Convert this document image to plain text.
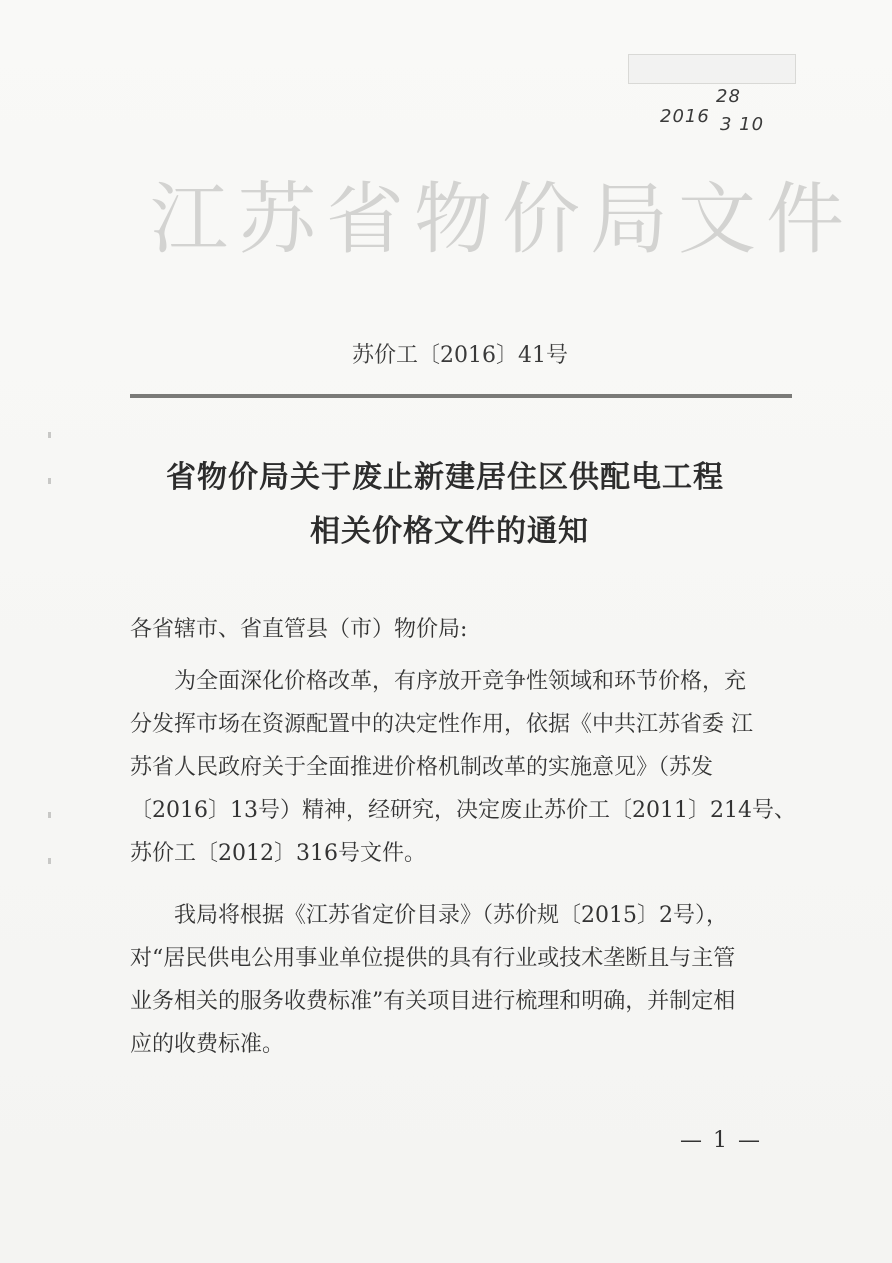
2016
28
3 10
江苏省物价局文件
苏价工〔2016〕41号
省物价局关于废止新建居住区供配电工程
相关价格文件的通知
各省辖市、省直管县（市）物价局:
为全面深化价格改革，有序放开竞争性领域和环节价格，充
分发挥市场在资源配置中的决定性作用，依据《中共江苏省委 江
苏省人民政府关于全面推进价格机制改革的实施意见》（苏发
〔2016〕13号）精神，经研究，决定废止苏价工〔2011〕214号、
苏价工〔2012〕316号文件。
我局将根据《江苏省定价目录》（苏价规〔2015〕2号），
对“居民供电公用事业单位提供的具有行业或技术垄断且与主管
业务相关的服务收费标准”有关项目进行梳理和明确，并制定相
应的收费标准。
— 1 —
